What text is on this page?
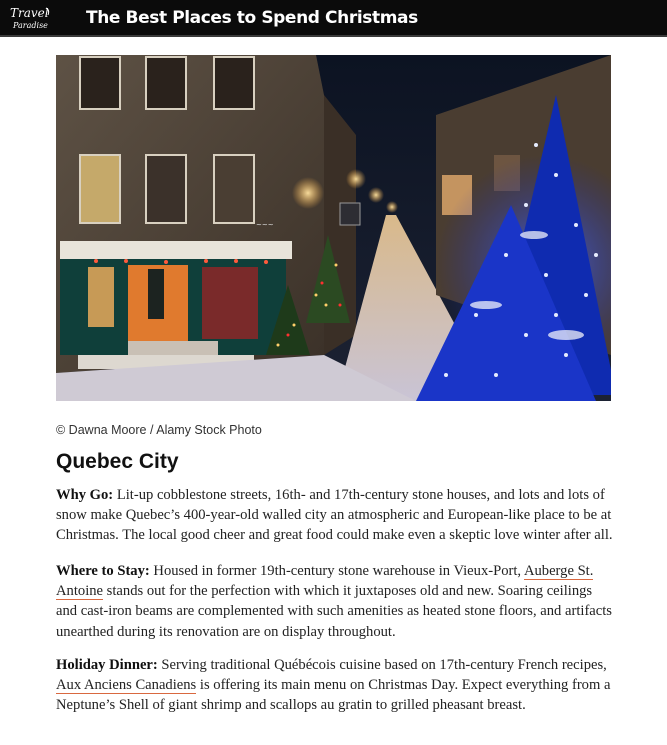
Travel
Paradise The Best Places to Spend Christmas
~~~
© Dawna Moore / Alamy Stock Photo
Quebec City

Why Go: Lit-up cobblestone streets, 16th- and 17th-century stone houses, and lots and lots of snow make Quebec’s 400-year-old walled city an atmospheric and European-like place to be at Christmas. The local good cheer and great food could make even a skeptic love winter after all.

Where to Stay: Housed in former 19th-century stone warehouse in Vieux-Port, Auberge St. Antoine stands out for the perfection with which it juxtaposes old and new. Soaring ceilings and cast-iron beams are complemented with such amenities as heated stone floors, and artifacts unearthed during its renovation are on display throughout.

Holiday Dinner: Serving traditional Québécois cuisine based on 17th-century French recipes, Aux Anciens Canadiens is offering its main menu on Christmas Day. Expect everything from a Neptune’s Shell of giant shrimp and scallops au gratin to grilled pheasant breast.
